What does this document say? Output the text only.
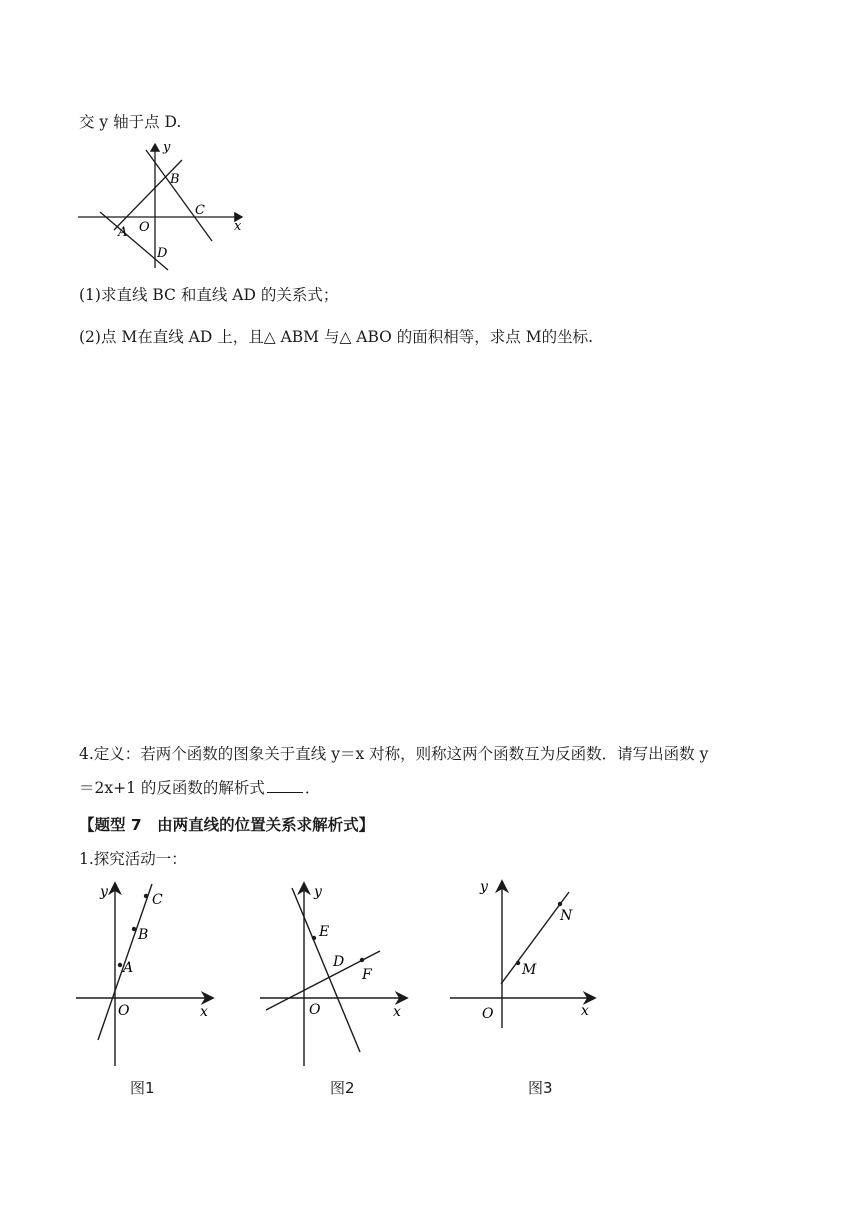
交 y 轴于点 D.
y
x
O
A
B
C
D
(1)求直线 BC 和直线 AD 的关系式；
(2)点 M在直线 AD 上，且△ ABM 与△ ABO 的面积相等，求点 M的坐标.
4.定义：若两个函数的图象关于直线 y＝x 对称，则称这两个函数互为反函数．请写出函数 y
＝2x+1 的反函数的解析式	．
【题型 7　由两直线的位置关系求解析式】
1.探究活动一：
y
x
O
A
B
C
图1
y
x
O
E
D
F
图2
y
x
O
M
N
图3
